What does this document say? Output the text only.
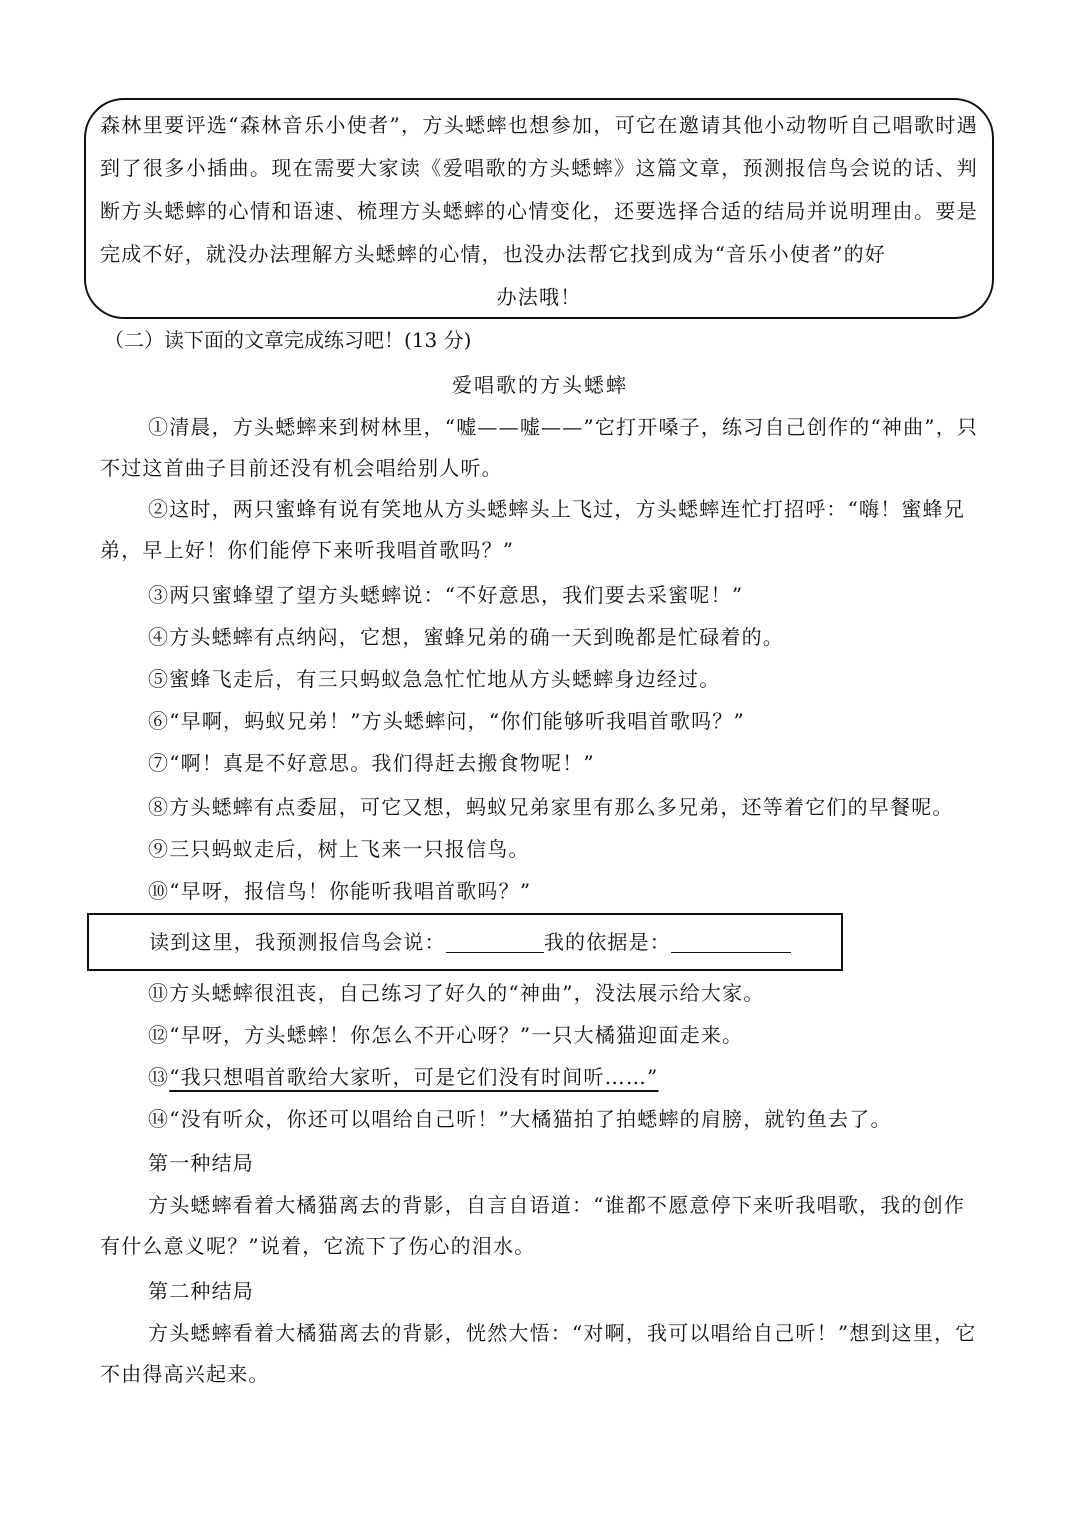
森林里要评选“森林音乐小使者”，方头蟋蟀也想参加，可它在邀请其他小动物听自己唱歌时遇到了很多小插曲。现在需要大家读《爱唱歌的方头蟋蟀》这篇文章，预测报信鸟会说的话、判断方头蟋蟀的心情和语速、梳理方头蟋蟀的心情变化，还要选择合适的结局并说明理由。要是完成不好，就没办法理解方头蟋蟀的心情，也没办法帮它找到成为“音乐小使者”的好
办法哦！

（二）读下面的文章完成练习吧！(13 分)

爱唱歌的方头蟋蟀

①清晨，方头蟋蟀来到树林里，“嘘——嘘——”它打开嗓子，练习自己创作的“神曲”，只不过这首曲子目前还没有机会唱给别人听。

②这时，两只蜜蜂有说有笑地从方头蟋蟀头上飞过，方头蟋蟀连忙打招呼：“嗨！蜜蜂兄弟，早上好！你们能停下来听我唱首歌吗？”

③两只蜜蜂望了望方头蟋蟀说：“不好意思，我们要去采蜜呢！”

④方头蟋蟀有点纳闷，它想，蜜蜂兄弟的确一天到晚都是忙碌着的。

⑤蜜蜂飞走后，有三只蚂蚁急急忙忙地从方头蟋蟀身边经过。

⑥“早啊，蚂蚁兄弟！”方头蟋蟀问，“你们能够听我唱首歌吗？”

⑦“啊！真是不好意思。我们得赶去搬食物呢！”

⑧方头蟋蟀有点委屈，可它又想，蚂蚁兄弟家里有那么多兄弟，还等着它们的早餐呢。

⑨三只蚂蚁走后，树上飞来一只报信鸟。

⑩“早呀，报信鸟！你能听我唱首歌吗？”

读到这里，我预测报信鸟会说：	我的依据是：

⑪方头蟋蟀很沮丧，自己练习了好久的“神曲”，没法展示给大家。

⑫“早呀，方头蟋蟀！你怎么不开心呀？”一只大橘猫迎面走来。

⑬“我只想唱首歌给大家听，可是它们没有时间听……”

⑭“没有听众，你还可以唱给自己听！”大橘猫拍了拍蟋蟀的肩膀，就钓鱼去了。

第一种结局

方头蟋蟀看着大橘猫离去的背影，自言自语道：“谁都不愿意停下来听我唱歌，我的创作有什么意义呢？”说着，它流下了伤心的泪水。

第二种结局

方头蟋蟀看着大橘猫离去的背影，恍然大悟：“对啊，我可以唱给自己听！”想到这里，它不由得高兴起来。
